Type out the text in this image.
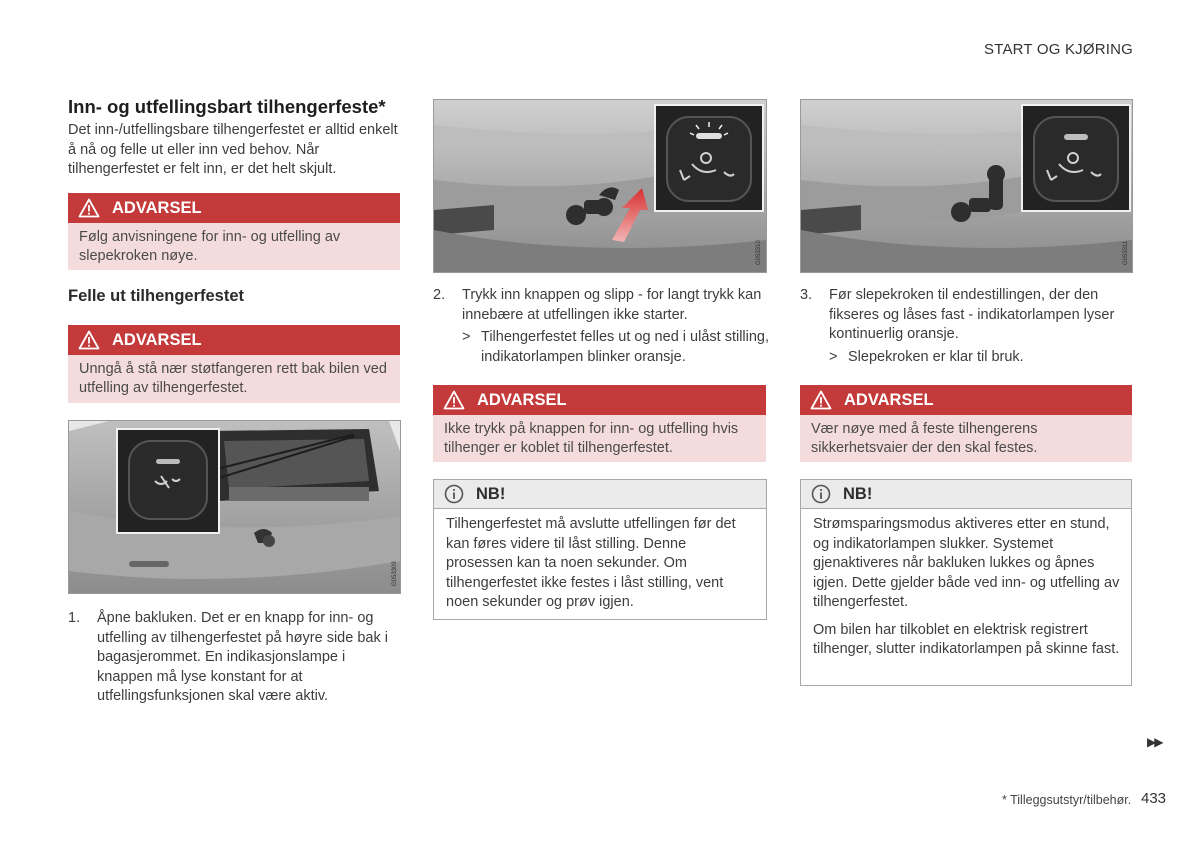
START OG KJØRING
Inn- og utfellingsbart tilhengerfeste*
Det inn-/utfellingsbare tilhengerfestet er alltid enkelt å nå og felle ut eller inn ved behov. Når tilhengerfestet er felt inn, er det helt skjult.
ADVARSEL
Følg anvisningene for inn- og utfelling av slepekroken nøye.
Felle ut tilhengerfestet
ADVARSEL
Unngå å stå nær støtfangeren rett bak bilen ved utfelling av tilhengerfestet.
G053309
1.	Åpne bakluken. Det er en knapp for inn- og utfelling av tilhengerfestet på høyre side bak i bagasjerommet. En indikasjonslampe i knappen må lyse konstant for at utfellingsfunksjonen skal være aktiv.
G053310
2.	Trykk inn knappen og slipp - for langt trykk kan innebære at utfellingen ikke starter.
> Tilhengerfestet felles ut og ned i ulåst stilling, indikatorlampen blinker oransje.
ADVARSEL
Ikke trykk på knappen for inn- og utfelling hvis tilhenger er koblet til tilhengerfestet.
NB!
Tilhengerfestet må avslutte utfellingen før det kan føres videre til låst stilling. Denne prosessen kan ta noen sekunder. Om tilhengerfestet ikke festes i låst stilling, vent noen sekunder og prøv igjen.
G053311
3.	Før slepekroken til endestillingen, der den fikseres og låses fast - indikatorlampen lyser kontinuerlig oransje.
> Slepekroken er klar til bruk.
ADVARSEL
Vær nøye med å feste tilhengerens sikkerhetsvaier der den skal festes.
NB!
Strømsparingsmodus aktiveres etter en stund, og indikatorlampen slukker. Systemet gjenaktiveres når bakluken lukkes og åpnes igjen. Dette gjelder både ved inn- og utfelling av tilhengerfestet.
Om bilen har tilkoblet en elektrisk registrert tilhenger, slutter indikatorlampen på skinne fast.
▶▶
* Tilleggsutstyr/tilbehør. 433
